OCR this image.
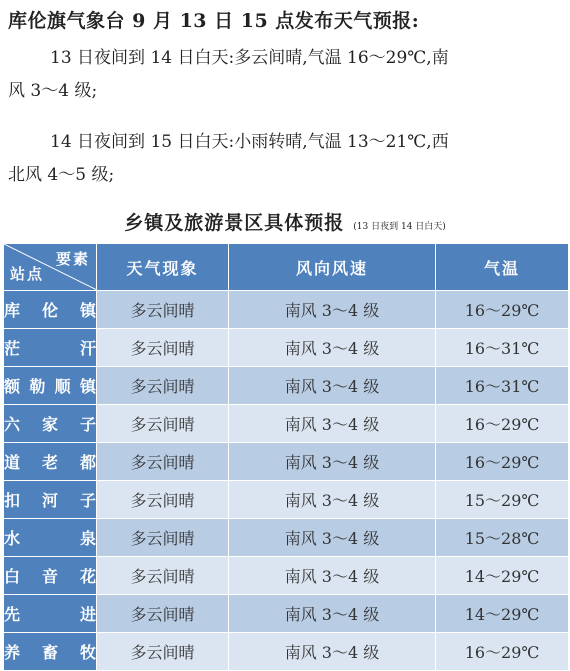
库伦旗气象台 9 月 13 日 15 点发布天气预报:
13 日夜间到 14 日白天:多云间晴,气温 16～29℃,南
风 3～4 级;
14 日夜间到 15 日白天:小雨转晴,气温 13～21℃,西
北风 4～5 级;
乡镇及旅游景区具体预报 (13 日夜到 14 日白天)
要素
站点	天气现象	风向风速	气温
库伦镇	多云间晴	南风 3～4 级	16～29℃
茫汗	多云间晴	南风 3～4 级	16～31℃
额勒顺镇	多云间晴	南风 3～4 级	16～31℃
六家子	多云间晴	南风 3～4 级	16～29℃
道老都	多云间晴	南风 3～4 级	16～29℃
扣河子	多云间晴	南风 3～4 级	15～29℃
水泉	多云间晴	南风 3～4 级	15～28℃
白音花	多云间晴	南风 3～4 级	14～29℃
先进	多云间晴	南风 3～4 级	14～29℃
养畜牧	多云间晴	南风 3～4 级	16～29℃
